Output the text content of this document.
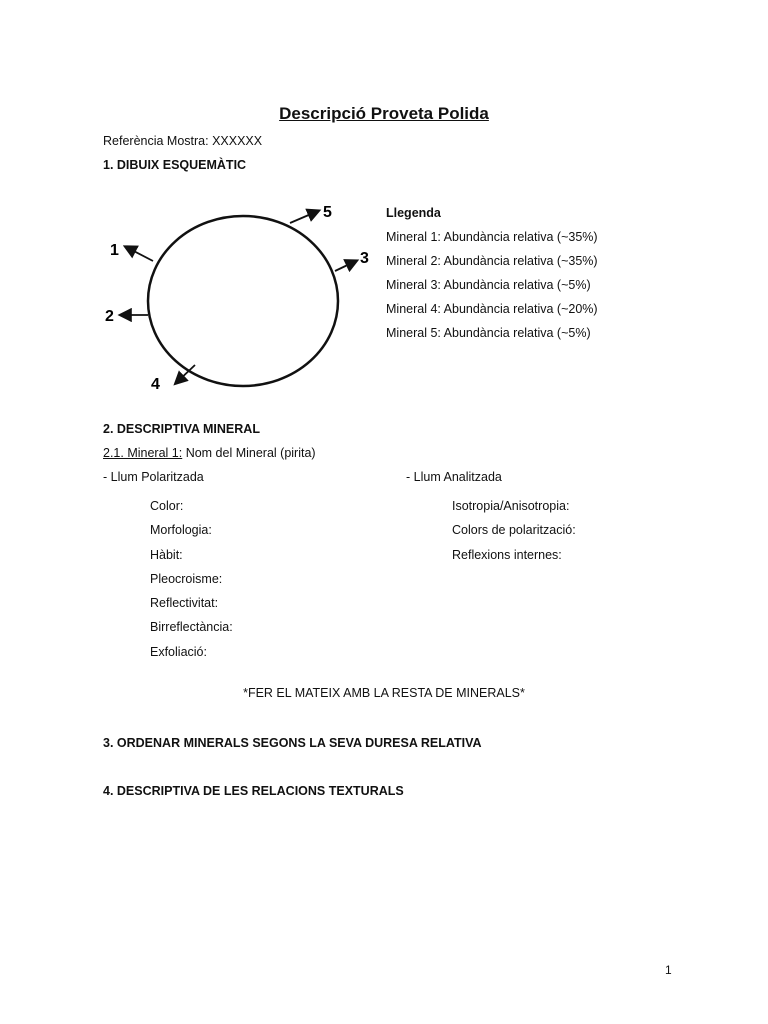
Descripció Proveta Polida
Referència Mostra: XXXXXX
1. DIBUIX ESQUEMÀTIC
1
2
3
4
5	Llegenda
Mineral 1: Abundància relativa (~35%)
Mineral 2: Abundància relativa (~35%)
Mineral 3: Abundància relativa (~5%)
Mineral 4: Abundància relativa (~20%)
Mineral 5: Abundància relativa (~5%)
2. DESCRIPTIVA MINERAL
2.1. Mineral 1: Nom del Mineral (pirita)
- Llum Polaritzada	- Llum Analitzada
Color:
Morfologia:
Hàbit:
Pleocroisme:
Reflectivitat:
Birreflectància:
Exfoliació:
Isotropia/Anisotropia:
Colors de polarització:
Reflexions internes:
*FER EL MATEIX AMB LA RESTA DE MINERALS*
3. ORDENAR MINERALS SEGONS LA SEVA DURESA RELATIVA
4. DESCRIPTIVA DE LES RELACIONS TEXTURALS
1
